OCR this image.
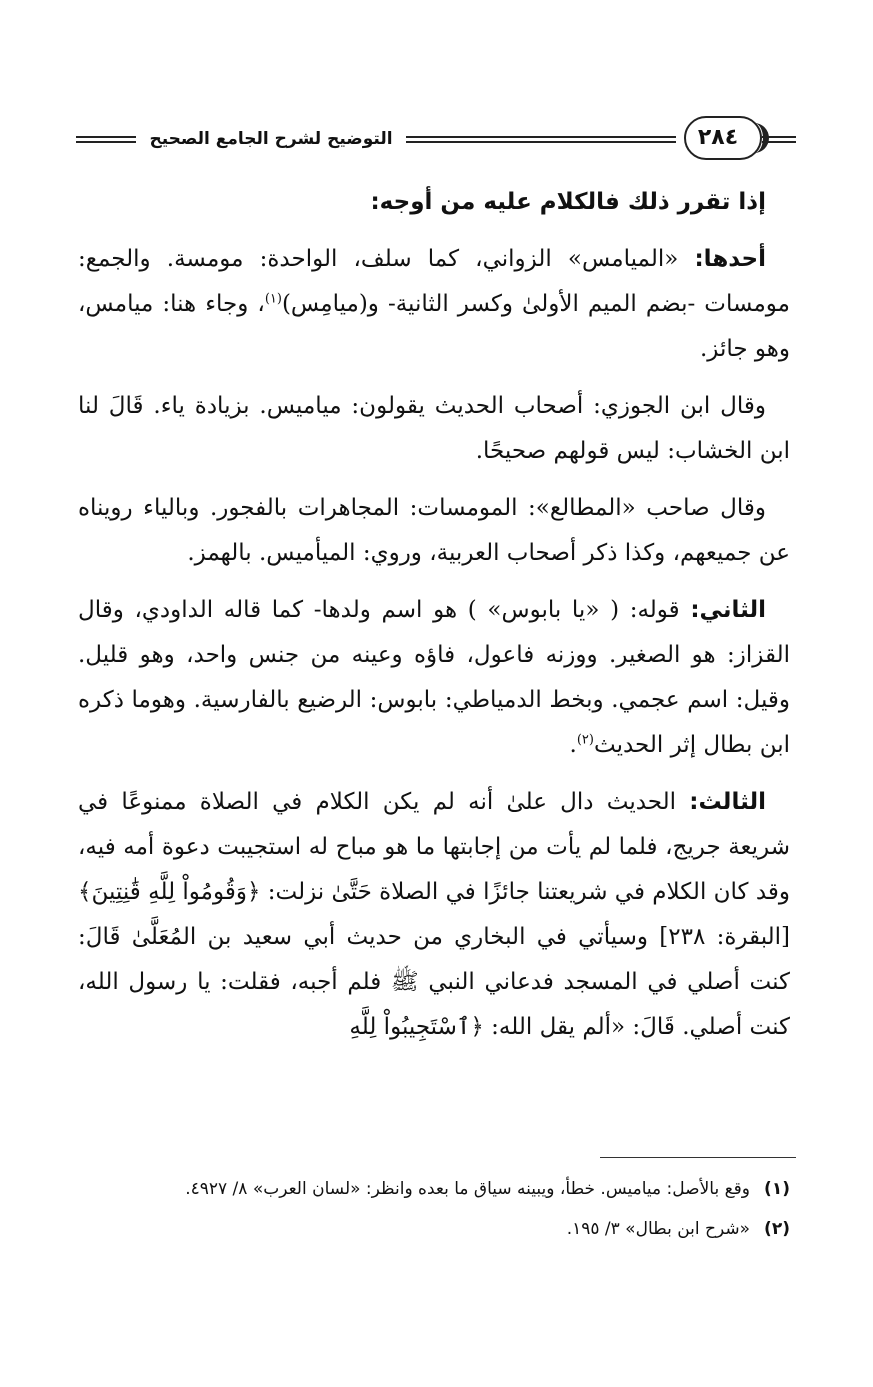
التوضيح لشرح الجامع الصحيح	٢٨٤

إذا تقرر ذلك فالكلام عليه من أوجه:

أحدها: «الميامس» الزواني، كما سلف، الواحدة: مومسة. والجمع: مومسات -بضم الميم الأولىٰ وكسر الثانية- و(ميامِس)$^{(١)}$، وجاء هنا: ميامس، وهو جائز.

وقال ابن الجوزي: أصحاب الحديث يقولون: مياميس. بزيادة ياء. قَالَ لنا ابن الخشاب: ليس قولهم صحيحًا.

وقال صاحب «المطالع»: المومسات: المجاهرات بالفجور. وبالياء رويناه عن جميعهم، وكذا ذكر أصحاب العربية، وروي: الميأميس. بالهمز.

الثاني: قوله: ( «يا بابوس» ) هو اسم ولدها- كما قاله الداودي، وقال القزاز: هو الصغير. ووزنه فاعول، فاؤه وعينه من جنس واحد، وهو قليل. وقيل: اسم عجمي. وبخط الدمياطي: بابوس: الرضيع بالفارسية. وهوما ذكره ابن بطال إثر الحديث$^{(٢)}$.

الثالث: الحديث دال علىٰ أنه لم يكن الكلام في الصلاة ممنوعًا في شريعة جريج، فلما لم يأت من إجابتها ما هو مباح له استجيبت دعوة أمه فيه، وقد كان الكلام في شريعتنا جائزًا في الصلاة حَتَّىٰ نزلت: ﴿وَقُومُواْ لِلَّهِ قَٰنِتِينَ﴾ [البقرة: ٢٣٨] وسيأتي في البخاري من حديث أبي سعيد بن المُعَلَّىٰ قَالَ: كنت أصلي في المسجد فدعاني النبي ﷺ فلم أجبه، فقلت: يا رسول الله، كنت أصلي. قَالَ: «ألم يقل الله: ﴿ٱسْتَجِيبُواْ لِلَّهِ

(١)
وقع بالأصل: مياميس. خطأ، ويبينه سياق ما بعده وانظر: «لسان العرب» ٨/ ٤٩٢٧.
(٢)
«شرح ابن بطال» ٣/ ١٩٥.
